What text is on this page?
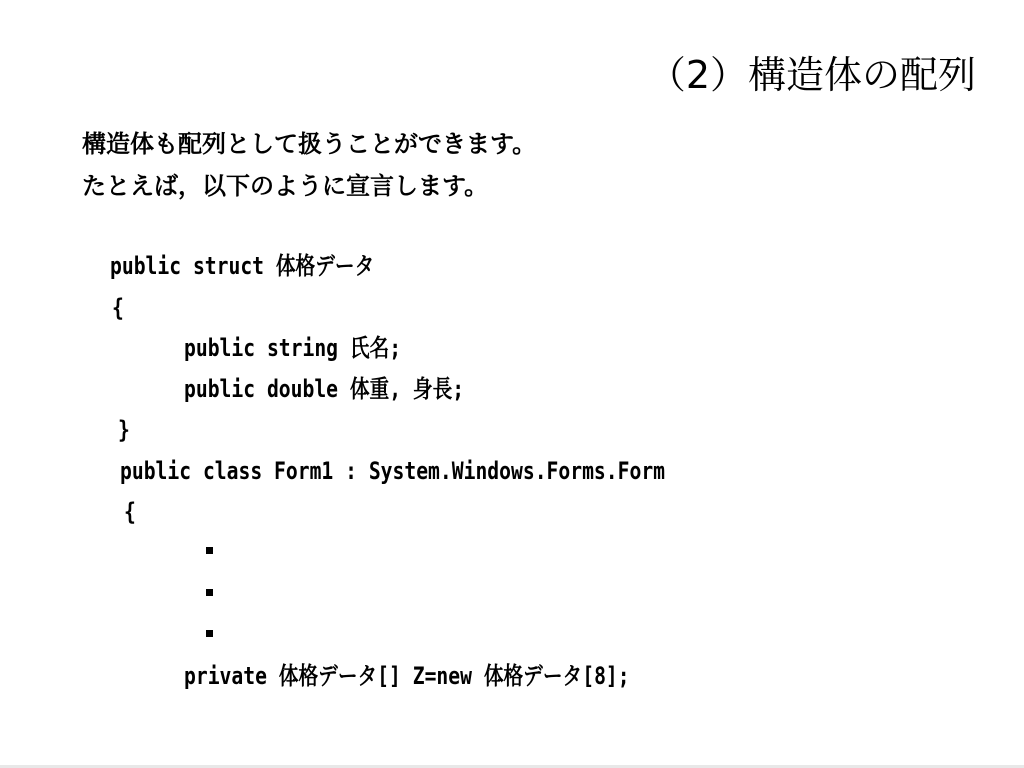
（2）構造体の配列
構造体も配列として扱うことができます。
たとえば，以下のように宣言します。
public struct 体格データ
{
public string 氏名;
public double 体重, 身長;
}
public class Form1 : System.Windows.Forms.Form
{
private 体格データ[] Z=new 体格データ[8];
